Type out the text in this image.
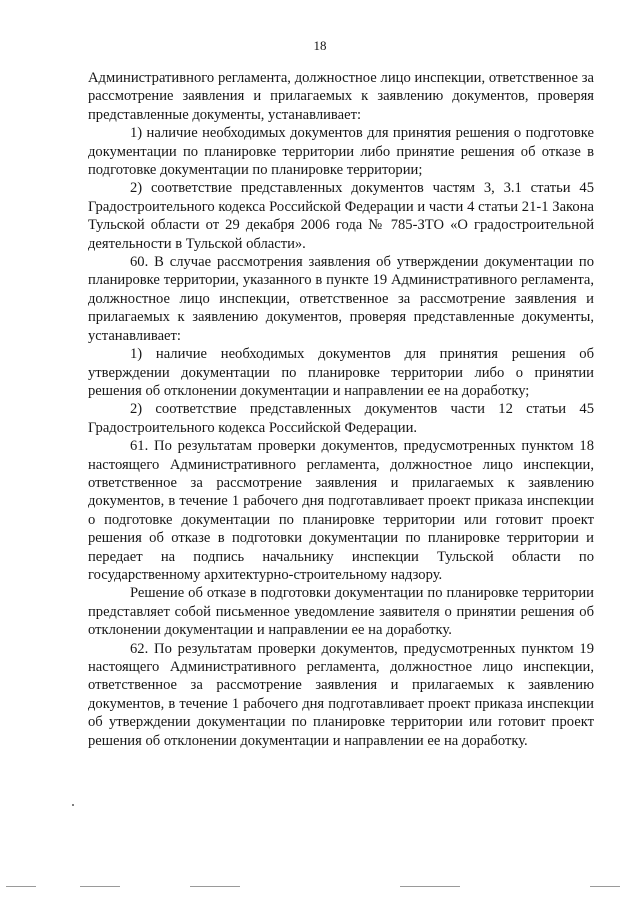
18

Административного регламента, должностное лицо инспекции, ответственное за рассмотрение заявления и прилагаемых к заявлению документов, проверяя представленные документы, устанавливает:

1) наличие необходимых документов для принятия решения о подготовке документации по планировке территории либо принятие решения об отказе в подготовке документации по планировке территории;

2) соответствие представленных документов частям 3, 3.1 статьи 45 Градостроительного кодекса Российской Федерации и части 4 статьи 21-1 Закона Тульской области от 29 декабря 2006 года № 785-ЗТО «О градостроительной деятельности в Тульской области».

60. В случае рассмотрения заявления об утверждении документации по планировке территории, указанного в пункте 19 Административного регламента, должностное лицо инспекции, ответственное за рассмотрение заявления и прилагаемых к заявлению документов, проверяя представленные документы, устанавливает:

1) наличие необходимых документов для принятия решения об утверждении документации по планировке территории либо о принятии решения об отклонении документации и направлении ее на доработку;

2) соответствие представленных документов части 12 статьи 45 Градостроительного кодекса Российской Федерации.

61. По результатам проверки документов, предусмотренных пунктом 18 настоящего Административного регламента, должностное лицо инспекции, ответственное за рассмотрение заявления и прилагаемых к заявлению документов, в течение 1 рабочего дня подготавливает проект приказа инспекции о подготовке документации по планировке территории или готовит проект решения об отказе в подготовки документации по планировке территории и передает на подпись начальнику инспекции Тульской области по государственному архитектурно-строительному надзору.

Решение об отказе в подготовки документации по планировке территории представляет собой письменное уведомление заявителя о принятии решения об отклонении документации и направлении ее на доработку.

62. По результатам проверки документов, предусмотренных пунктом 19 настоящего Административного регламента, должностное лицо инспекции, ответственное за рассмотрение заявления и прилагаемых к заявлению документов, в течение 1 рабочего дня подготавливает проект приказа инспекции об утверждении документации по планировке территории или готовит проект решения об отклонении документации и направлении ее на доработку.
